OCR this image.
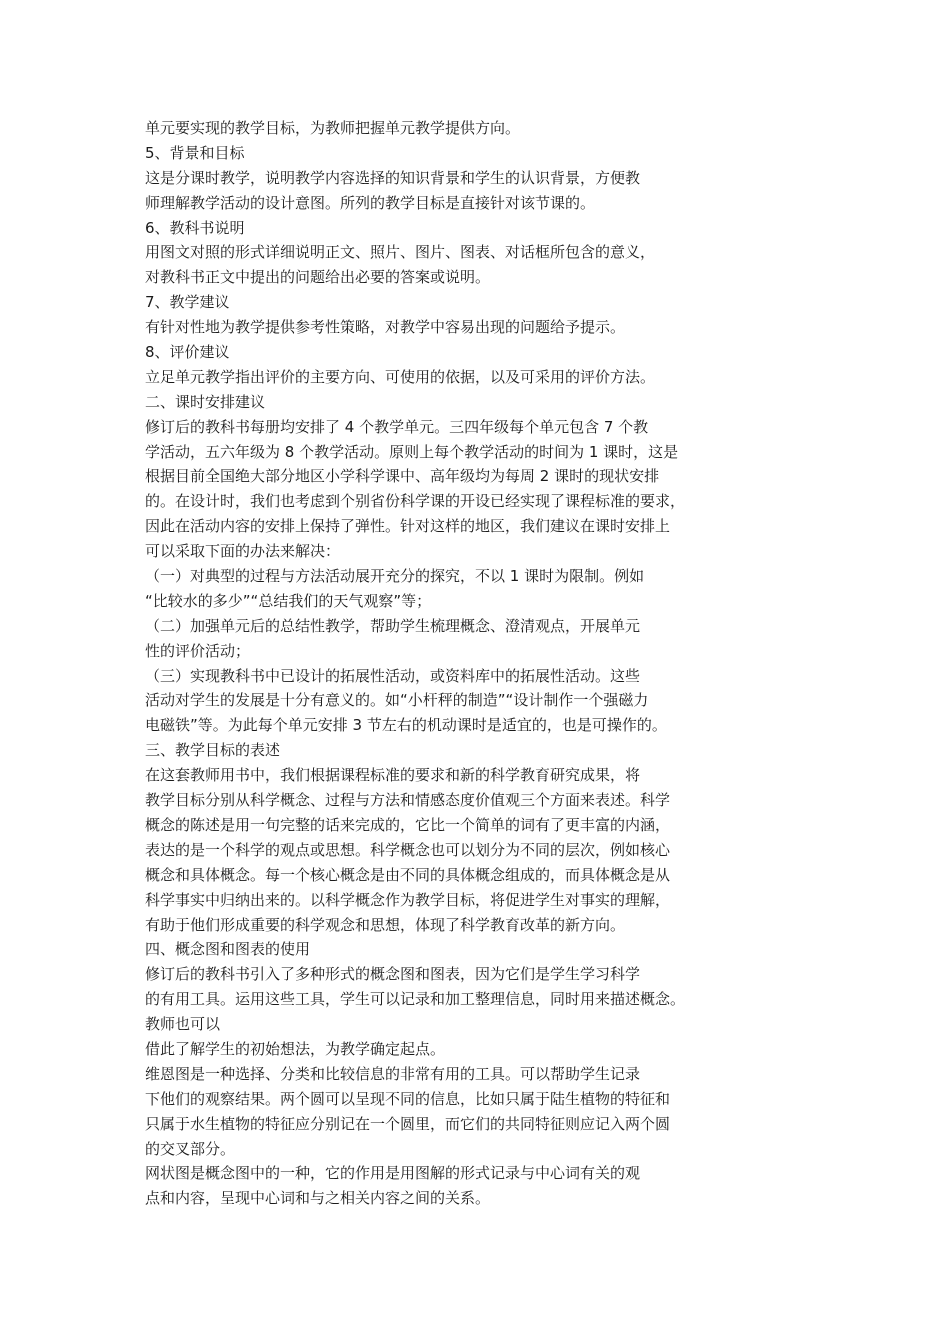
单元要实现的教学目标，为教师把握单元教学提供方向。

5、背景和目标

这是分课时教学，说明教学内容选择的知识背景和学生的认识背景，方便教

师理解教学活动的设计意图。所列的教学目标是直接针对该节课的。

6、教科书说明

用图文对照的形式详细说明正文、照片、图片、图表、对话框所包含的意义，

对教科书正文中提出的问题给出必要的答案或说明。

7、教学建议

有针对性地为教学提供参考性策略，对教学中容易出现的问题给予提示。

8、评价建议

立足单元教学指出评价的主要方向、可使用的依据，以及可采用的评价方法。

二、课时安排建议

修订后的教科书每册均安排了 4 个教学单元。三四年级每个单元包含 7 个教

学活动，五六年级为 8 个教学活动。原则上每个教学活动的时间为 1 课时，这是

根据目前全国绝大部分地区小学科学课中、高年级均为每周 2 课时的现状安排

的。在设计时，我们也考虑到个别省份科学课的开设已经实现了课程标准的要求，

因此在活动内容的安排上保持了弹性。针对这样的地区，我们建议在课时安排上

可以采取下面的办法来解决：

（一）对典型的过程与方法活动展开充分的探究，不以 1 课时为限制。例如

“比较水的多少”“总结我们的天气观察”等；

（二）加强单元后的总结性教学，帮助学生梳理概念、澄清观点，开展单元

性的评价活动；

（三）实现教科书中已设计的拓展性活动，或资料库中的拓展性活动。这些

活动对学生的发展是十分有意义的。如“小杆秤的制造”“设计制作一个强磁力

电磁铁”等。为此每个单元安排 3 节左右的机动课时是适宜的，也是可操作的。

三、教学目标的表述

在这套教师用书中，我们根据课程标准的要求和新的科学教育研究成果，将

教学目标分别从科学概念、过程与方法和情感态度价值观三个方面来表述。科学

概念的陈述是用一句完整的话来完成的，它比一个简单的词有了更丰富的内涵，

表达的是一个科学的观点或思想。科学概念也可以划分为不同的层次，例如核心

概念和具体概念。每一个核心概念是由不同的具体概念组成的，而具体概念是从

科学事实中归纳出来的。以科学概念作为教学目标，将促进学生对事实的理解，

有助于他们形成重要的科学观念和思想，体现了科学教育改革的新方向。

四、概念图和图表的使用

修订后的教科书引入了多种形式的概念图和图表，因为它们是学生学习科学

的有用工具。运用这些工具，学生可以记录和加工整理信息，同时用来描述概念。

教师也可以

借此了解学生的初始想法，为教学确定起点。

维恩图是一种选择、分类和比较信息的非常有用的工具。可以帮助学生记录

下他们的观察结果。两个圆可以呈现不同的信息，比如只属于陆生植物的特征和

只属于水生植物的特征应分别记在一个圆里，而它们的共同特征则应记入两个圆

的交叉部分。

网状图是概念图中的一种，它的作用是用图解的形式记录与中心词有关的观

点和内容，呈现中心词和与之相关内容之间的关系。
